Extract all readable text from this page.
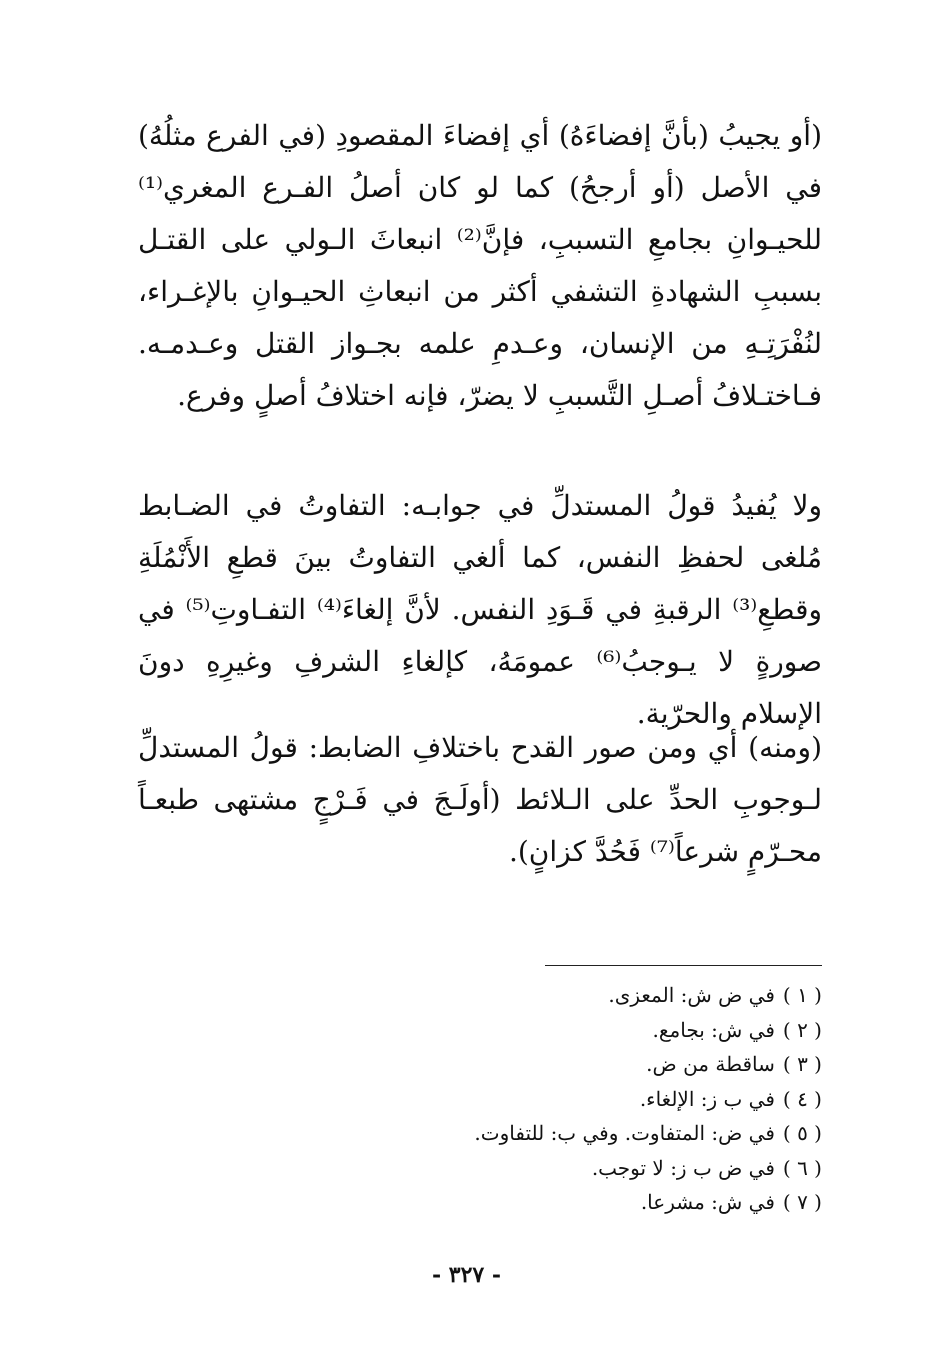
(أو يجيبُ (بأنَّ إفضاءَهُ) أي إفضاءَ المقصودِ (في الفرع مثلُهُ) في الأصل (أو أرجحُ) كما لو كان أصلُ الفـرع المغري⁽¹⁾ للحيـوانِ بجامعِ التسببِ، فإنَّ⁽²⁾ انبعاثَ الـولي على القتـل بسببِ الشهادةِ التشفي أكثر من انبعاثِ الحيـوانِ بالإغـراء، لنُفْرَتِـهِ من الإنسان، وعـدمِ علمه بجـواز القتل وعـدمـه. فـاختـلافُ أصـلِ التَّسببِ لا يضرّ، فإنه اختلافُ أصلٍ وفرع.

ولا يُفيدُ قولُ المستدلِّ في جوابـه: التفاوتُ في الضـابط مُلغى لحفظِ النفس، كما ألغي التفاوتُ بينَ قطعِ الأَنْمُلَةِ وقطعِ⁽³⁾ الرقبةِ في قَـوَدِ النفس. لأنَّ إلغاءَ⁽⁴⁾ التفـاوتِ⁽⁵⁾ في صورةٍ لا يـوجبُ⁽⁶⁾ عمومَهُ، كإلغاءِ الشرفِ وغيرِهِ دونَ الإسلام والحرّية.

(ومنه) أي ومن صور القدح باختلافِ الضابط: قولُ المستدلِّ لـوجوبِ الحدِّ على الـلائط (أولَـجَ في فَـرْجٍ مشتهى طبعـاً محـرّمٍ شرعاً⁽⁷⁾ فَحُدَّ كزانٍ).

( ١ )في ض ش: المعزى.
( ٢ )في ش: بجامع.
( ٣ )ساقطة من ض.
( ٤ )في ب ز: الإلغاء.
( ٥ )في ض: المتفاوت. وفي ب: للتفاوت.
( ٦ )في ض ب ز: لا توجب.
( ٧ )في ش: مشرعا.
- ٣٢٧ -
